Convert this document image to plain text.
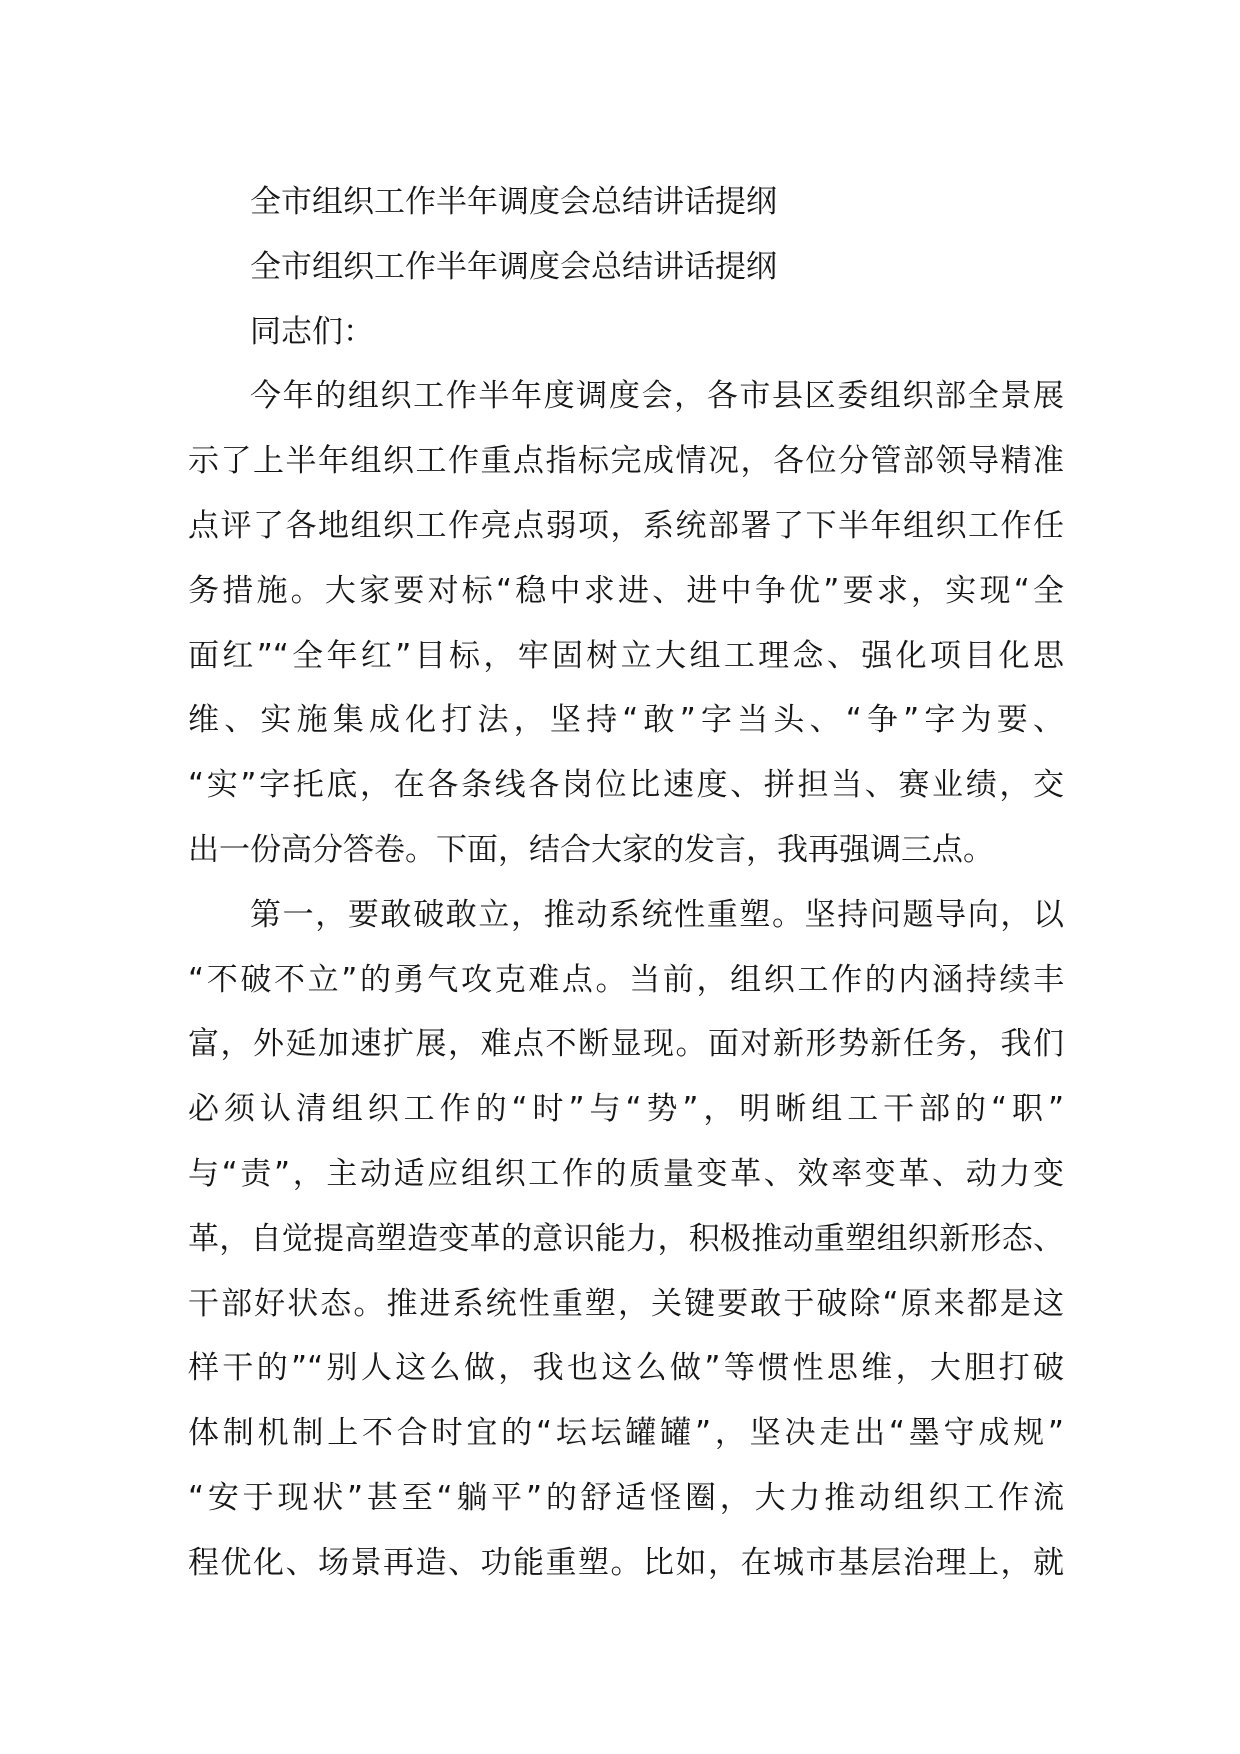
全市组织工作半年调度会总结讲话提纲
全市组织工作半年调度会总结讲话提纲
同志们：
今年的组织工作半年度调度会，各市县区委组织部全景展
示了上半年组织工作重点指标完成情况，各位分管部领导精准
点评了各地组织工作亮点弱项，系统部署了下半年组织工作任
务措施。大家要对标“稳中求进、进中争优”要求，实现“全
面红”“全年红”目标，牢固树立大组工理念、强化项目化思
维、实施集成化打法，坚持“敢”字当头、“争”字为要、
“实”字托底，在各条线各岗位比速度、拼担当、赛业绩，交
出一份高分答卷。下面，结合大家的发言，我再强调三点。
第一，要敢破敢立，推动系统性重塑。坚持问题导向，以
“不破不立”的勇气攻克难点。当前，组织工作的内涵持续丰
富，外延加速扩展，难点不断显现。面对新形势新任务，我们
必须认清组织工作的“时”与“势”，明晰组工干部的“职”
与“责”，主动适应组织工作的质量变革、效率变革、动力变
革，自觉提高塑造变革的意识能力，积极推动重塑组织新形态、
干部好状态。推进系统性重塑，关键要敢于破除“原来都是这
样干的”“别人这么做，我也这么做”等惯性思维，大胆打破
体制机制上不合时宜的“坛坛罐罐”，坚决走出“墨守成规”
“安于现状”甚至“躺平”的舒适怪圈，大力推动组织工作流
程优化、场景再造、功能重塑。比如，在城市基层治理上，就
